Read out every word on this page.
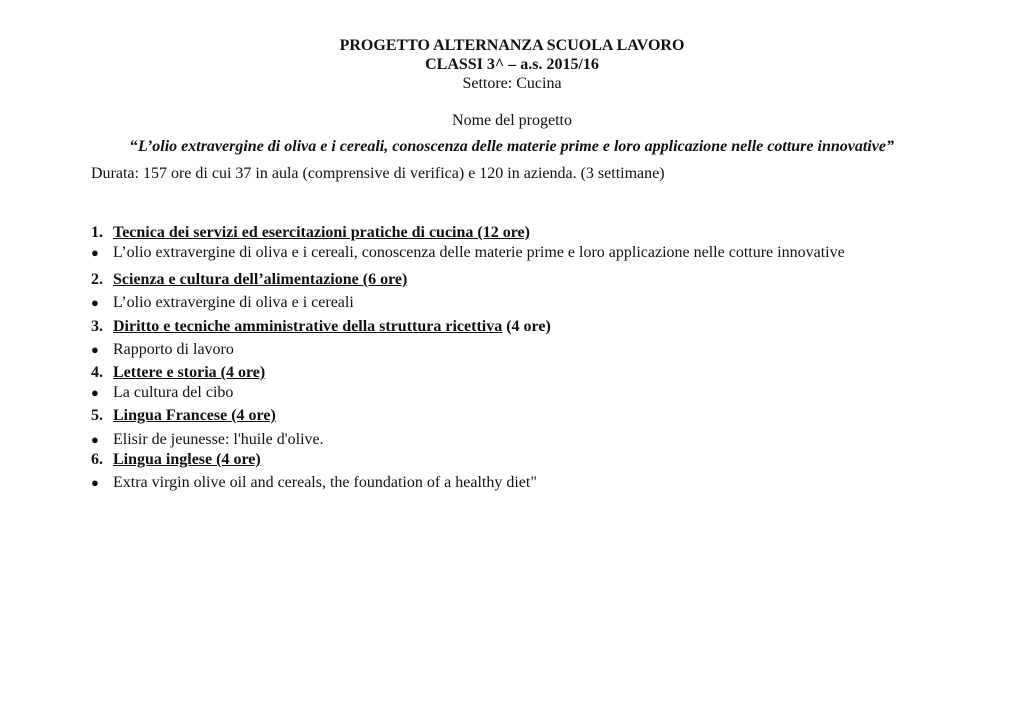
PROGETTO ALTERNANZA SCUOLA LAVORO
CLASSI 3^ – a.s. 2015/16
Settore: Cucina
Nome del progetto
“L’olio extravergine di oliva e i cereali, conoscenza delle materie prime e loro applicazione nelle cotture innovative”
Durata: 157 ore di cui 37 in aula (comprensive di verifica) e 120 in azienda. (3 settimane)
1. Tecnica dei servizi ed esercitazioni pratiche di cucina (12 ore)
● L’olio extravergine di oliva e i cereali, conoscenza delle materie prime e loro applicazione nelle cotture innovative
2. Scienza e cultura dell’alimentazione (6 ore)
● L’olio extravergine di oliva e i cereali
3. Diritto e tecniche amministrative della struttura ricettiva (4 ore)
● Rapporto di lavoro
4. Lettere e storia (4 ore)
● La cultura del cibo
5. Lingua Francese (4 ore)
● Elisir de jeunesse: l'huile d'olive.
6. Lingua inglese (4 ore)
● Extra virgin olive oil and cereals, the foundation of a healthy diet"
